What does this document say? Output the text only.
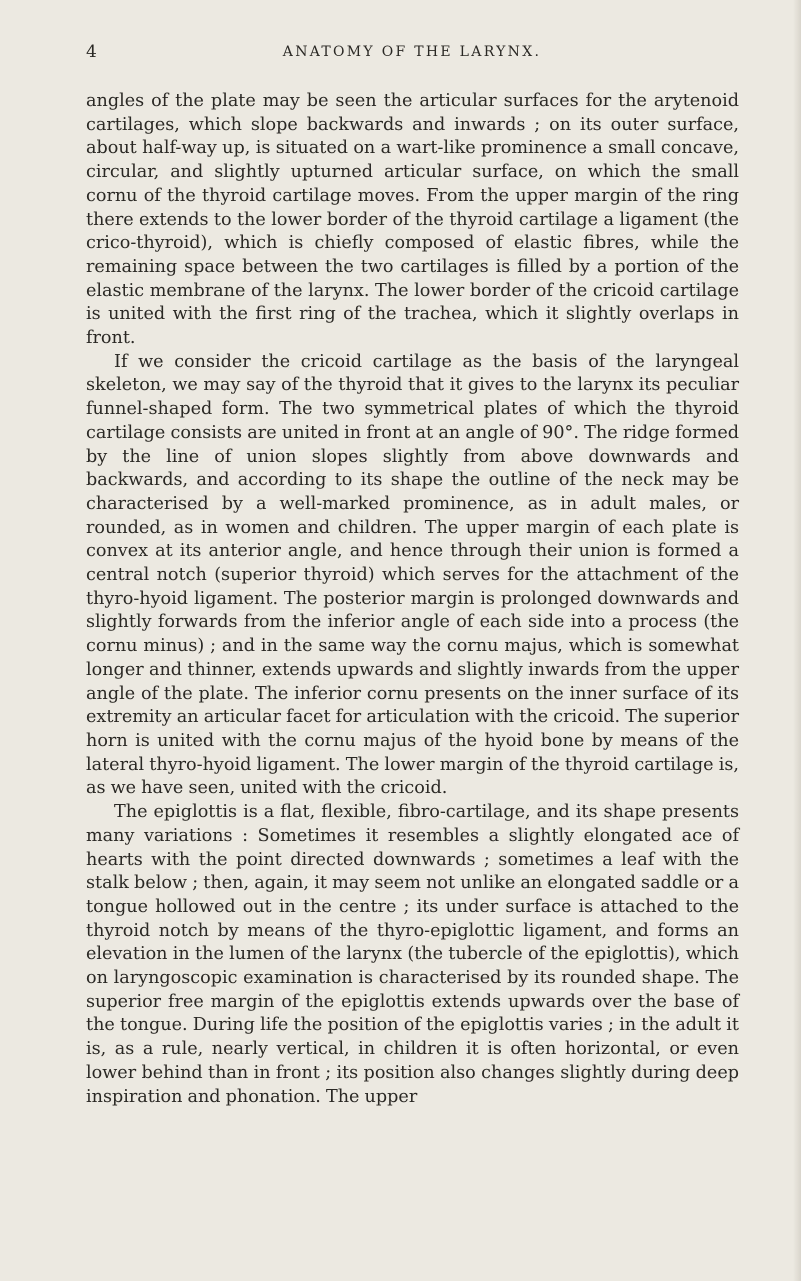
4	ANATOMY OF THE LARYNX.

angles of the plate may be seen the articular surfaces for the arytenoid cartilages, which slope backwards and inwards ; on its outer surface, about half-way up, is situated on a wart-like prominence a small concave, circular, and slightly upturned articular surface, on which the small cornu of the thyroid cartilage moves. From the upper margin of the ring there extends to the lower border of the thyroid cartilage a ligament (the crico-thyroid), which is chiefly composed of elastic fibres, while the remaining space between the two cartilages is filled by a portion of the elastic membrane of the larynx. The lower border of the cricoid cartilage is united with the first ring of the trachea, which it slightly overlaps in front.

If we consider the cricoid cartilage as the basis of the laryngeal skeleton, we may say of the thyroid that it gives to the larynx its peculiar funnel-shaped form. The two symmetrical plates of which the thyroid cartilage consists are united in front at an angle of 90°. The ridge formed by the line of union slopes slightly from above downwards and backwards, and according to its shape the outline of the neck may be characterised by a well-marked prominence, as in adult males, or rounded, as in women and children. The upper margin of each plate is convex at its anterior angle, and hence through their union is formed a central notch (superior thyroid) which serves for the attachment of the thyro-hyoid ligament. The posterior margin is prolonged downwards and slightly forwards from the inferior angle of each side into a process (the cornu minus) ; and in the same way the cornu majus, which is somewhat longer and thinner, extends upwards and slightly inwards from the upper angle of the plate. The inferior cornu presents on the inner surface of its extremity an articular facet for articulation with the cricoid. The superior horn is united with the cornu majus of the hyoid bone by means of the lateral thyro-hyoid ligament. The lower margin of the thyroid cartilage is, as we have seen, united with the cricoid.

The epiglottis is a flat, flexible, fibro-cartilage, and its shape presents many variations : Sometimes it resembles a slightly elongated ace of hearts with the point directed downwards ; sometimes a leaf with the stalk below ; then, again, it may seem not unlike an elongated saddle or a tongue hollowed out in the centre ; its under surface is attached to the thyroid notch by means of the thyro-epiglottic ligament, and forms an elevation in the lumen of the larynx (the tubercle of the epiglottis), which on laryngoscopic examination is characterised by its rounded shape. The superior free margin of the epiglottis extends upwards over the base of the tongue. During life the position of the epiglottis varies ; in the adult it is, as a rule, nearly vertical, in children it is often horizontal, or even lower behind than in front ; its position also changes slightly during deep inspiration and phonation. The upper
